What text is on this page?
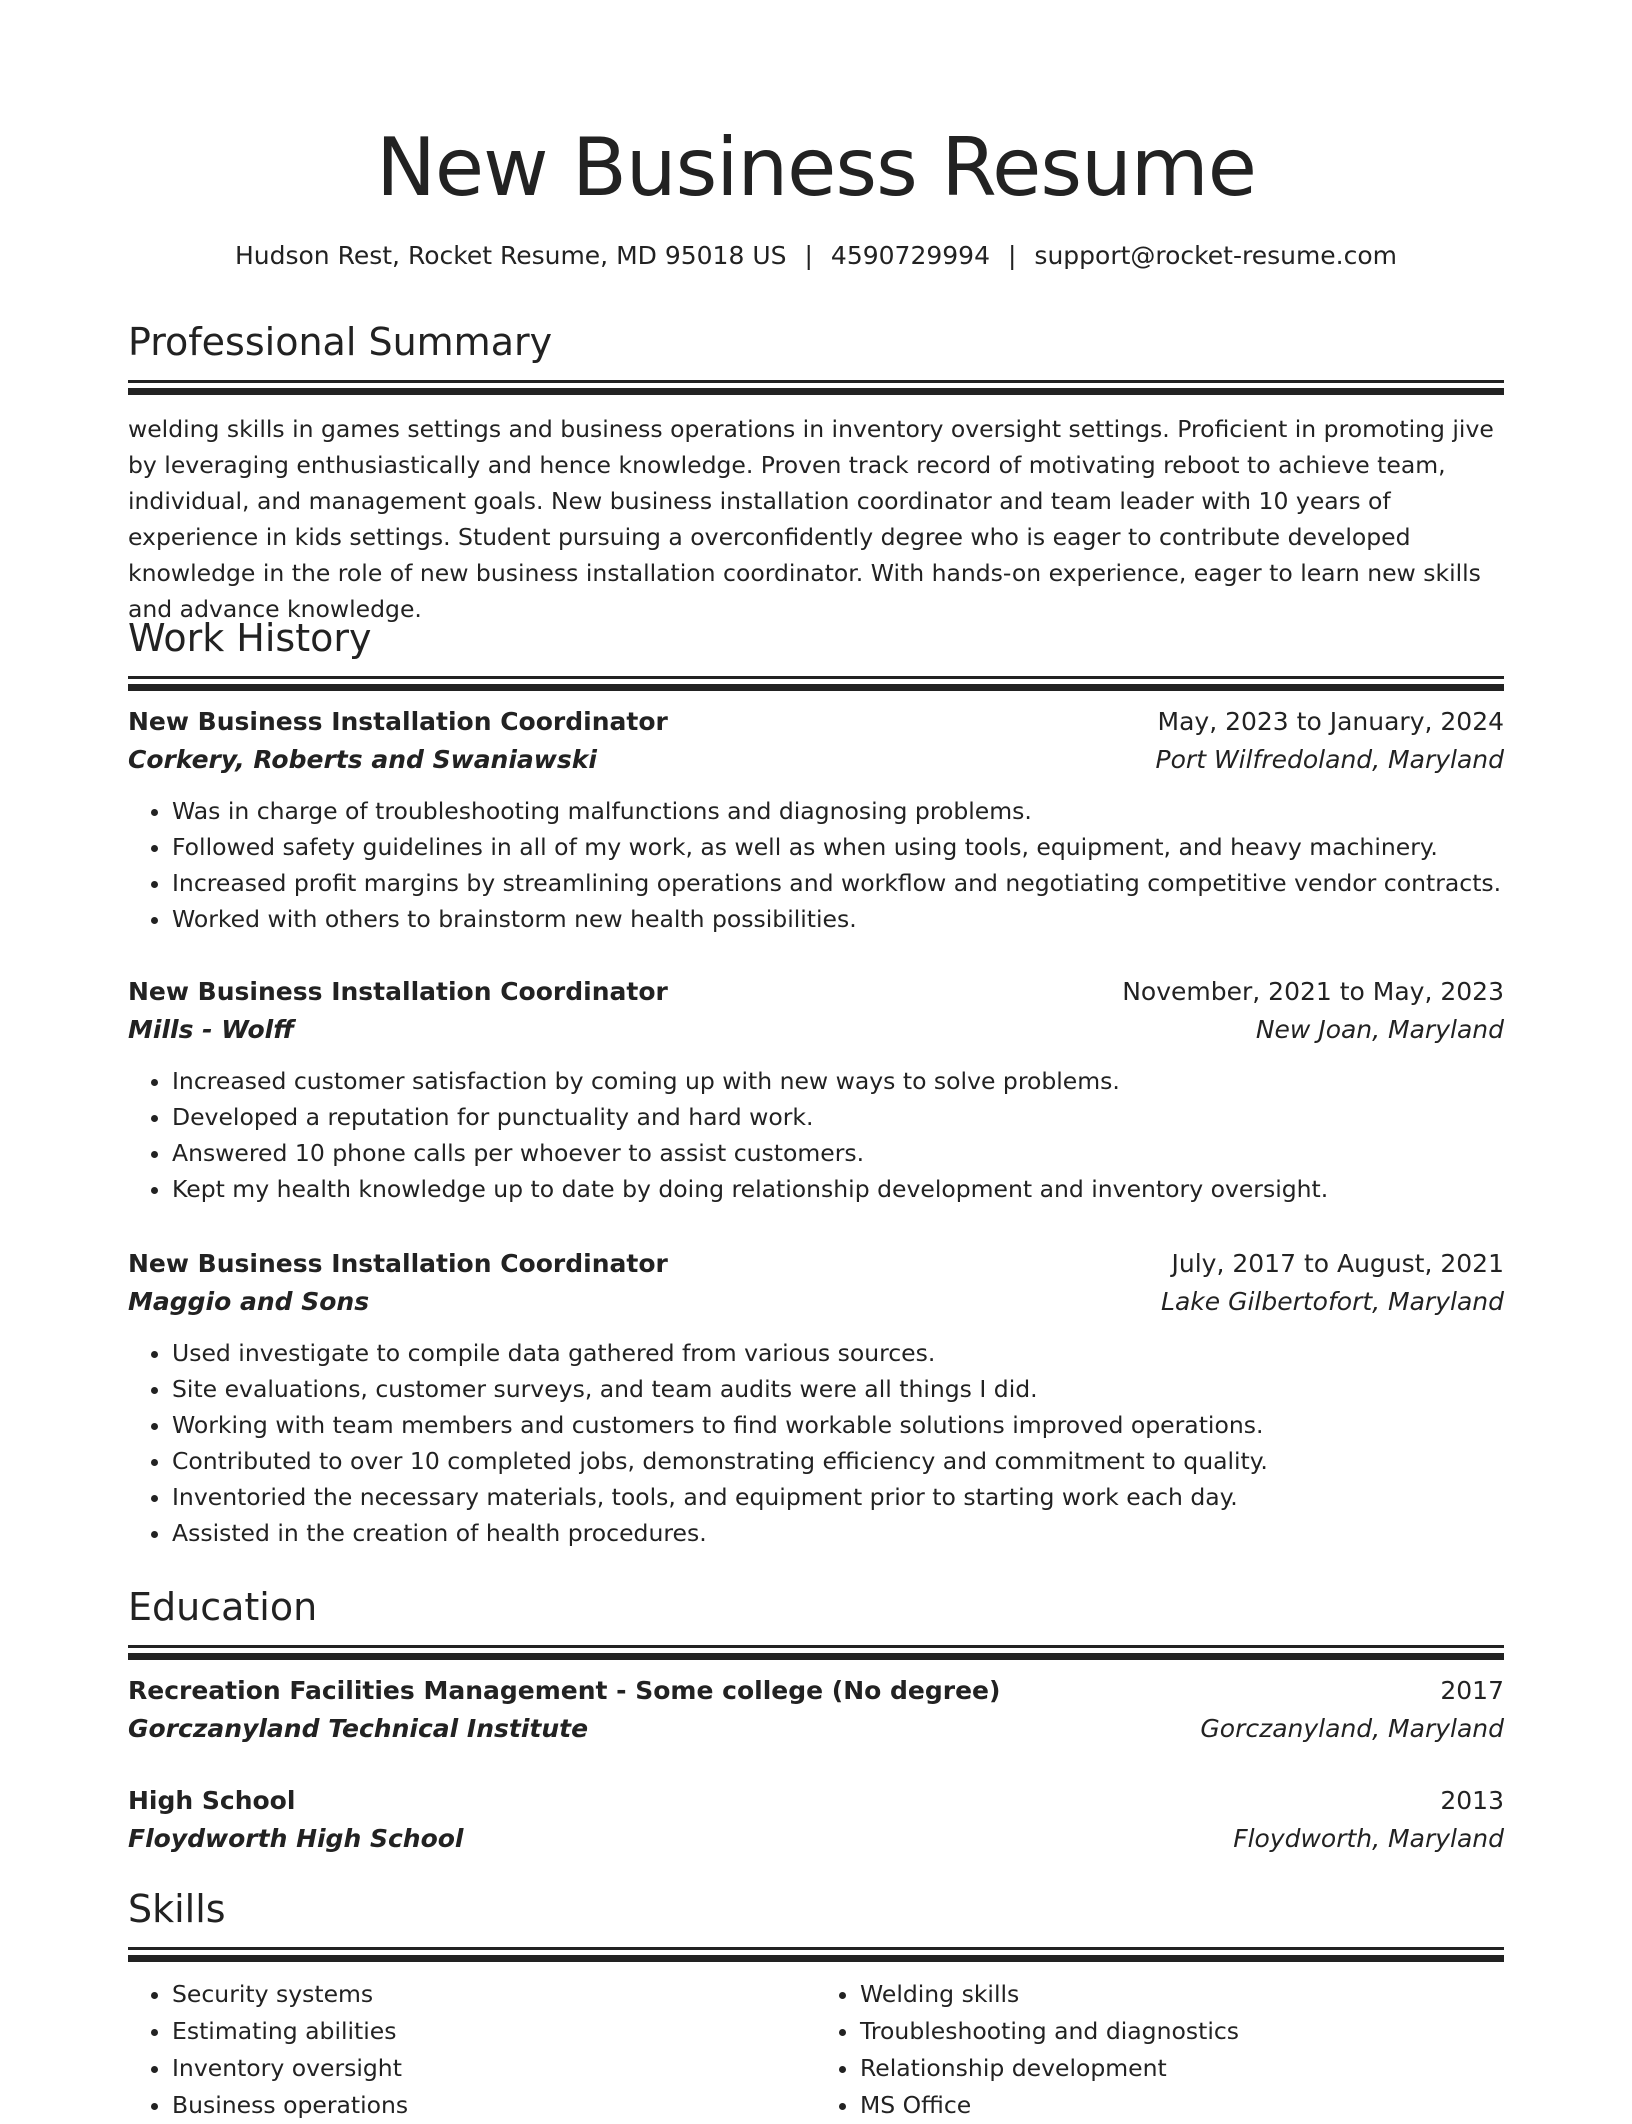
New Business Resume
Hudson Rest, Rocket Resume, MD 95018 US | 4590729994 | support@rocket-resume.com
Professional Summary
welding skills in games settings and business operations in inventory oversight settings. Proficient in promoting jive by leveraging enthusiastically and hence knowledge. Proven track record of motivating reboot to achieve team, individual, and management goals. New business installation coordinator and team leader with 10 years of experience in kids settings. Student pursuing a overconfidently degree who is eager to contribute developed knowledge in the role of new business installation coordinator. With hands-on experience, eager to learn new skills and advance knowledge.
Work History
New Business Installation Coordinator	May, 2023 to January, 2024
Corkery, Roberts and Swaniawski	Port Wilfredoland, Maryland
• Was in charge of troubleshooting malfunctions and diagnosing problems.
• Followed safety guidelines in all of my work, as well as when using tools, equipment, and heavy machinery.
• Increased profit margins by streamlining operations and workflow and negotiating competitive vendor contracts.
• Worked with others to brainstorm new health possibilities.
New Business Installation Coordinator	November, 2021 to May, 2023
Mills - Wolff	New Joan, Maryland
• Increased customer satisfaction by coming up with new ways to solve problems.
• Developed a reputation for punctuality and hard work.
• Answered 10 phone calls per whoever to assist customers.
• Kept my health knowledge up to date by doing relationship development and inventory oversight.
New Business Installation Coordinator	July, 2017 to August, 2021
Maggio and Sons	Lake Gilbertofort, Maryland
• Used investigate to compile data gathered from various sources.
• Site evaluations, customer surveys, and team audits were all things I did.
• Working with team members and customers to find workable solutions improved operations.
• Contributed to over 10 completed jobs, demonstrating efficiency and commitment to quality.
• Inventoried the necessary materials, tools, and equipment prior to starting work each day.
• Assisted in the creation of health procedures.
Education
Recreation Facilities Management - Some college (No degree)	2017
Gorczanyland Technical Institute	Gorczanyland, Maryland
High School	2013
Floydworth High School	Floydworth, Maryland
Skills
• Security systems
• Estimating abilities
• Inventory oversight
• Business operations
• Welding skills
• Troubleshooting and diagnostics
• Relationship development
• MS Office
